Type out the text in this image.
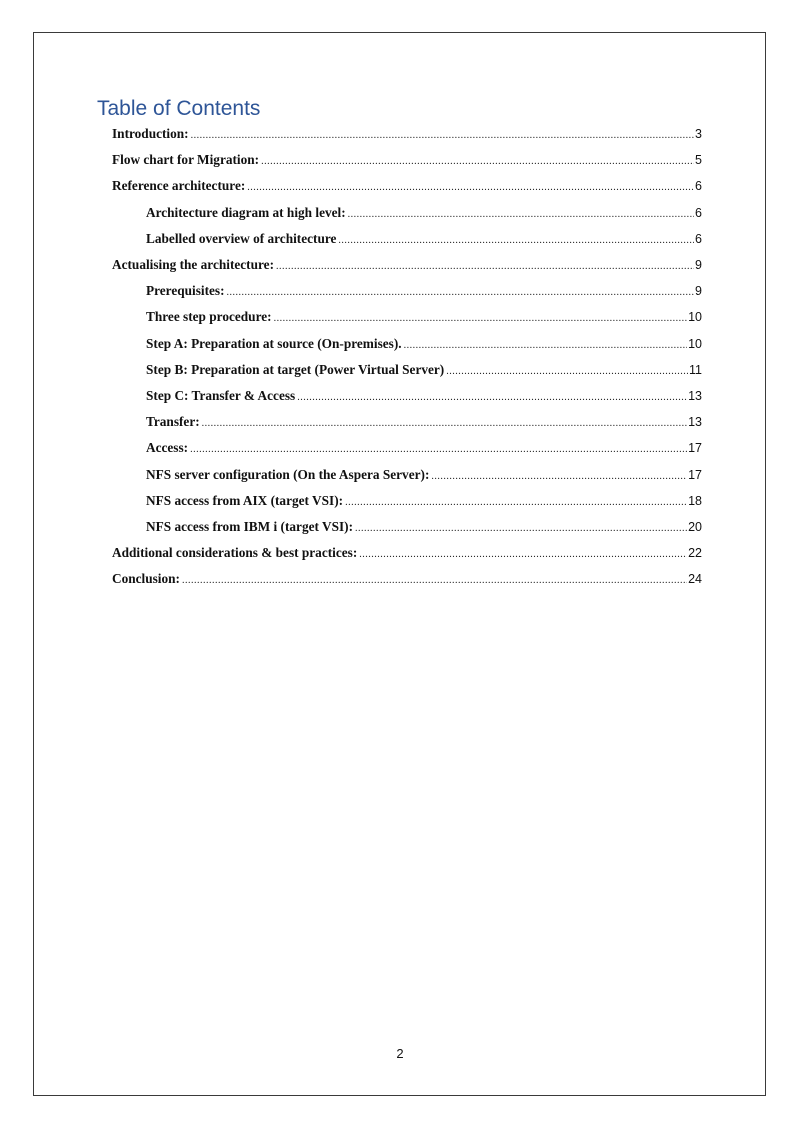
Table of Contents
Introduction: .....	3
Flow chart for Migration: .....	5
Reference architecture: .....	6
Architecture diagram at high level: .....	6
Labelled overview of architecture .....	6
Actualising the architecture: .....	9
Prerequisites: .....	9
Three step procedure: .....	10
Step A: Preparation at source (On-premises). .....	10
Step B: Preparation at target (Power Virtual Server) .....	11
Step C: Transfer & Access .....	13
Transfer: .....	13
Access: .....	17
NFS server configuration (On the Aspera Server): .....	17
NFS access from AIX (target VSI): .....	18
NFS access from IBM i (target VSI): .....	20
Additional considerations & best practices: .....	22
Conclusion: .....	24
2
